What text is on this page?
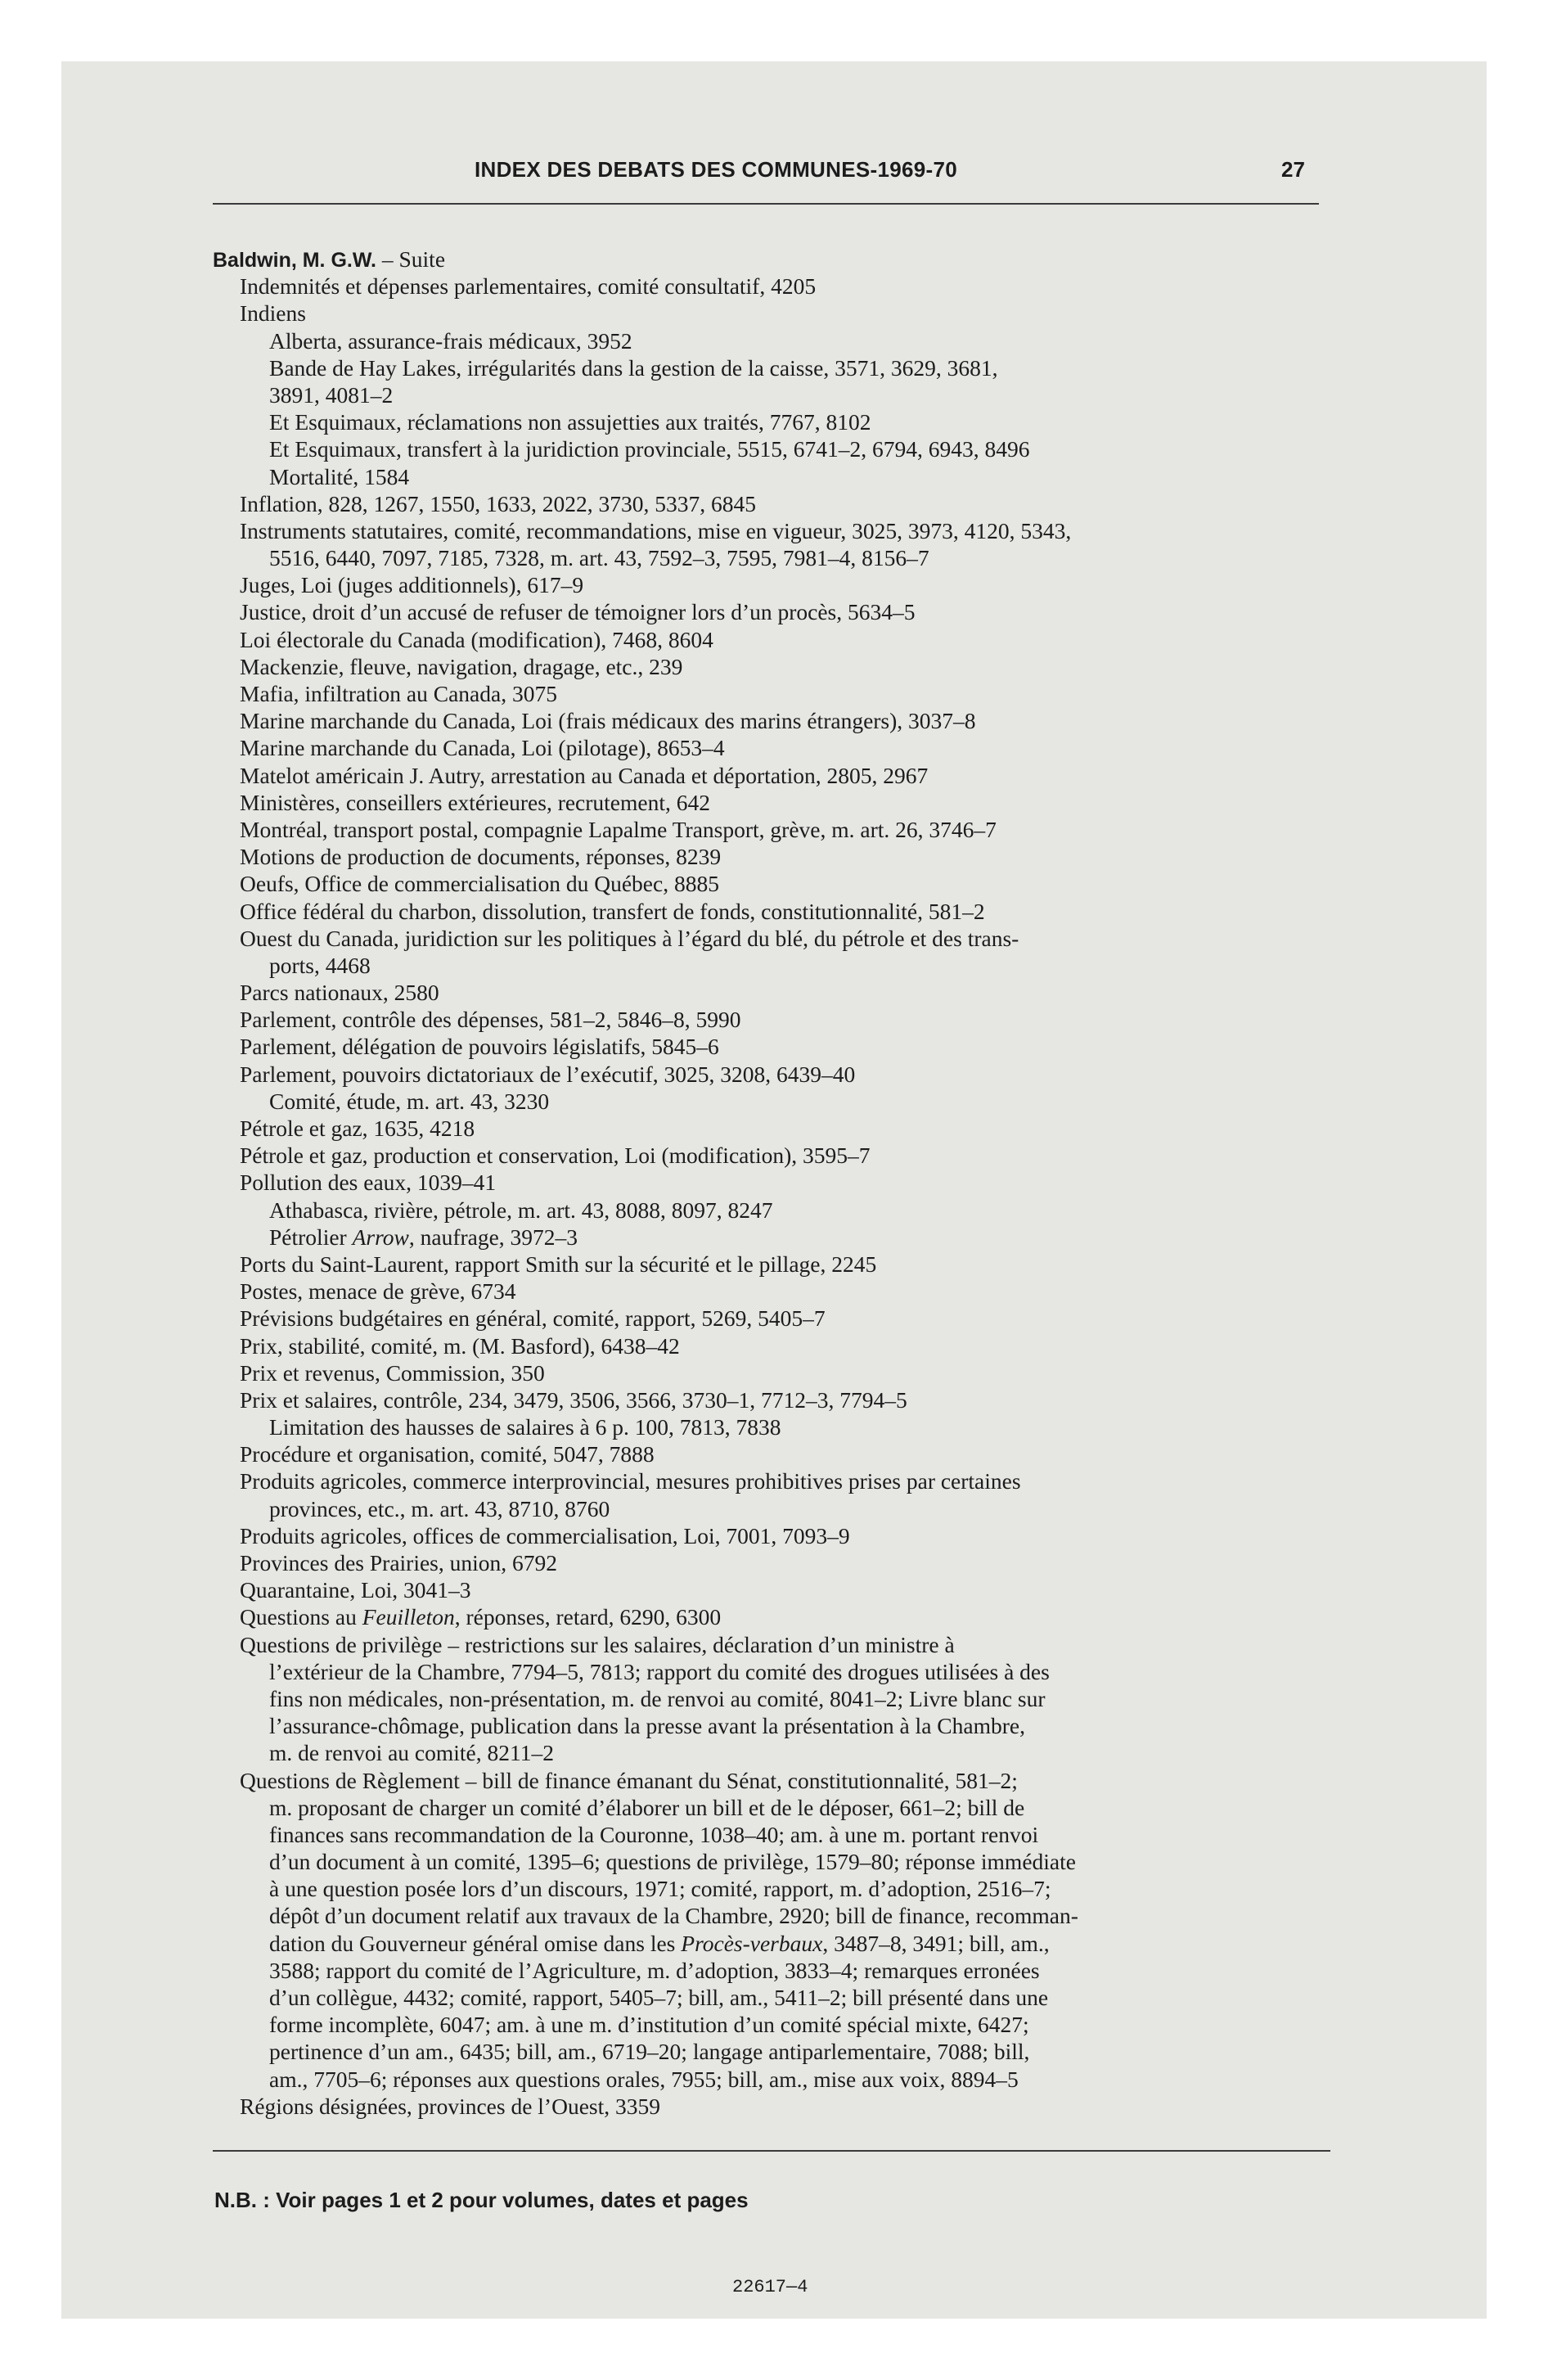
INDEX DES DEBATS DES COMMUNES-1969-70	27
Baldwin, M. G.W. – Suite
Indemnités et dépenses parlementaires, comité consultatif, 4205
Indiens
Alberta, assurance-frais médicaux, 3952
Bande de Hay Lakes, irrégularités dans la gestion de la caisse, 3571, 3629, 3681,
3891, 4081–2
Et Esquimaux, réclamations non assujetties aux traités, 7767, 8102
Et Esquimaux, transfert à la juridiction provinciale, 5515, 6741–2, 6794, 6943, 8496
Mortalité, 1584
Inflation, 828, 1267, 1550, 1633, 2022, 3730, 5337, 6845
Instruments statutaires, comité, recommandations, mise en vigueur, 3025, 3973, 4120, 5343,
5516, 6440, 7097, 7185, 7328, m. art. 43, 7592–3, 7595, 7981–4, 8156–7
Juges, Loi (juges additionnels), 617–9
Justice, droit d’un accusé de refuser de témoigner lors d’un procès, 5634–5
Loi électorale du Canada (modification), 7468, 8604
Mackenzie, fleuve, navigation, dragage, etc., 239
Mafia, infiltration au Canada, 3075
Marine marchande du Canada, Loi (frais médicaux des marins étrangers), 3037–8
Marine marchande du Canada, Loi (pilotage), 8653–4
Matelot américain J. Autry, arrestation au Canada et déportation, 2805, 2967
Ministères, conseillers extérieures, recrutement, 642
Montréal, transport postal, compagnie Lapalme Transport, grève, m. art. 26, 3746–7
Motions de production de documents, réponses, 8239
Oeufs, Office de commercialisation du Québec, 8885
Office fédéral du charbon, dissolution, transfert de fonds, constitutionnalité, 581–2
Ouest du Canada, juridiction sur les politiques à l’égard du blé, du pétrole et des trans-
ports, 4468
Parcs nationaux, 2580
Parlement, contrôle des dépenses, 581–2, 5846–8, 5990
Parlement, délégation de pouvoirs législatifs, 5845–6
Parlement, pouvoirs dictatoriaux de l’exécutif, 3025, 3208, 6439–40
Comité, étude, m. art. 43, 3230
Pétrole et gaz, 1635, 4218
Pétrole et gaz, production et conservation, Loi (modification), 3595–7
Pollution des eaux, 1039–41
Athabasca, rivière, pétrole, m. art. 43, 8088, 8097, 8247
Pétrolier Arrow, naufrage, 3972–3
Ports du Saint-Laurent, rapport Smith sur la sécurité et le pillage, 2245
Postes, menace de grève, 6734
Prévisions budgétaires en général, comité, rapport, 5269, 5405–7
Prix, stabilité, comité, m. (M. Basford), 6438–42
Prix et revenus, Commission, 350
Prix et salaires, contrôle, 234, 3479, 3506, 3566, 3730–1, 7712–3, 7794–5
Limitation des hausses de salaires à 6 p. 100, 7813, 7838
Procédure et organisation, comité, 5047, 7888
Produits agricoles, commerce interprovincial, mesures prohibitives prises par certaines
provinces, etc., m. art. 43, 8710, 8760
Produits agricoles, offices de commercialisation, Loi, 7001, 7093–9
Provinces des Prairies, union, 6792
Quarantaine, Loi, 3041–3
Questions au Feuilleton, réponses, retard, 6290, 6300
Questions de privilège – restrictions sur les salaires, déclaration d’un ministre à
l’extérieur de la Chambre, 7794–5, 7813; rapport du comité des drogues utilisées à des
fins non médicales, non-présentation, m. de renvoi au comité, 8041–2; Livre blanc sur
l’assurance-chômage, publication dans la presse avant la présentation à la Chambre,
m. de renvoi au comité, 8211–2
Questions de Règlement – bill de finance émanant du Sénat, constitutionnalité, 581–2;
m. proposant de charger un comité d’élaborer un bill et de le déposer, 661–2; bill de
finances sans recommandation de la Couronne, 1038–40; am. à une m. portant renvoi
d’un document à un comité, 1395–6; questions de privilège, 1579–80; réponse immédiate
à une question posée lors d’un discours, 1971; comité, rapport, m. d’adoption, 2516–7;
dépôt d’un document relatif aux travaux de la Chambre, 2920; bill de finance, recomman-
dation du Gouverneur général omise dans les Procès-verbaux, 3487–8, 3491; bill, am.,
3588; rapport du comité de l’Agriculture, m. d’adoption, 3833–4; remarques erronées
d’un collègue, 4432; comité, rapport, 5405–7; bill, am., 5411–2; bill présenté dans une
forme incomplète, 6047; am. à une m. d’institution d’un comité spécial mixte, 6427;
pertinence d’un am., 6435; bill, am., 6719–20; langage antiparlementaire, 7088; bill,
am., 7705–6; réponses aux questions orales, 7955; bill, am., mise aux voix, 8894–5
Régions désignées, provinces de l’Ouest, 3359
N.B. : Voir pages 1 et 2 pour volumes, dates et pages
22617—4
